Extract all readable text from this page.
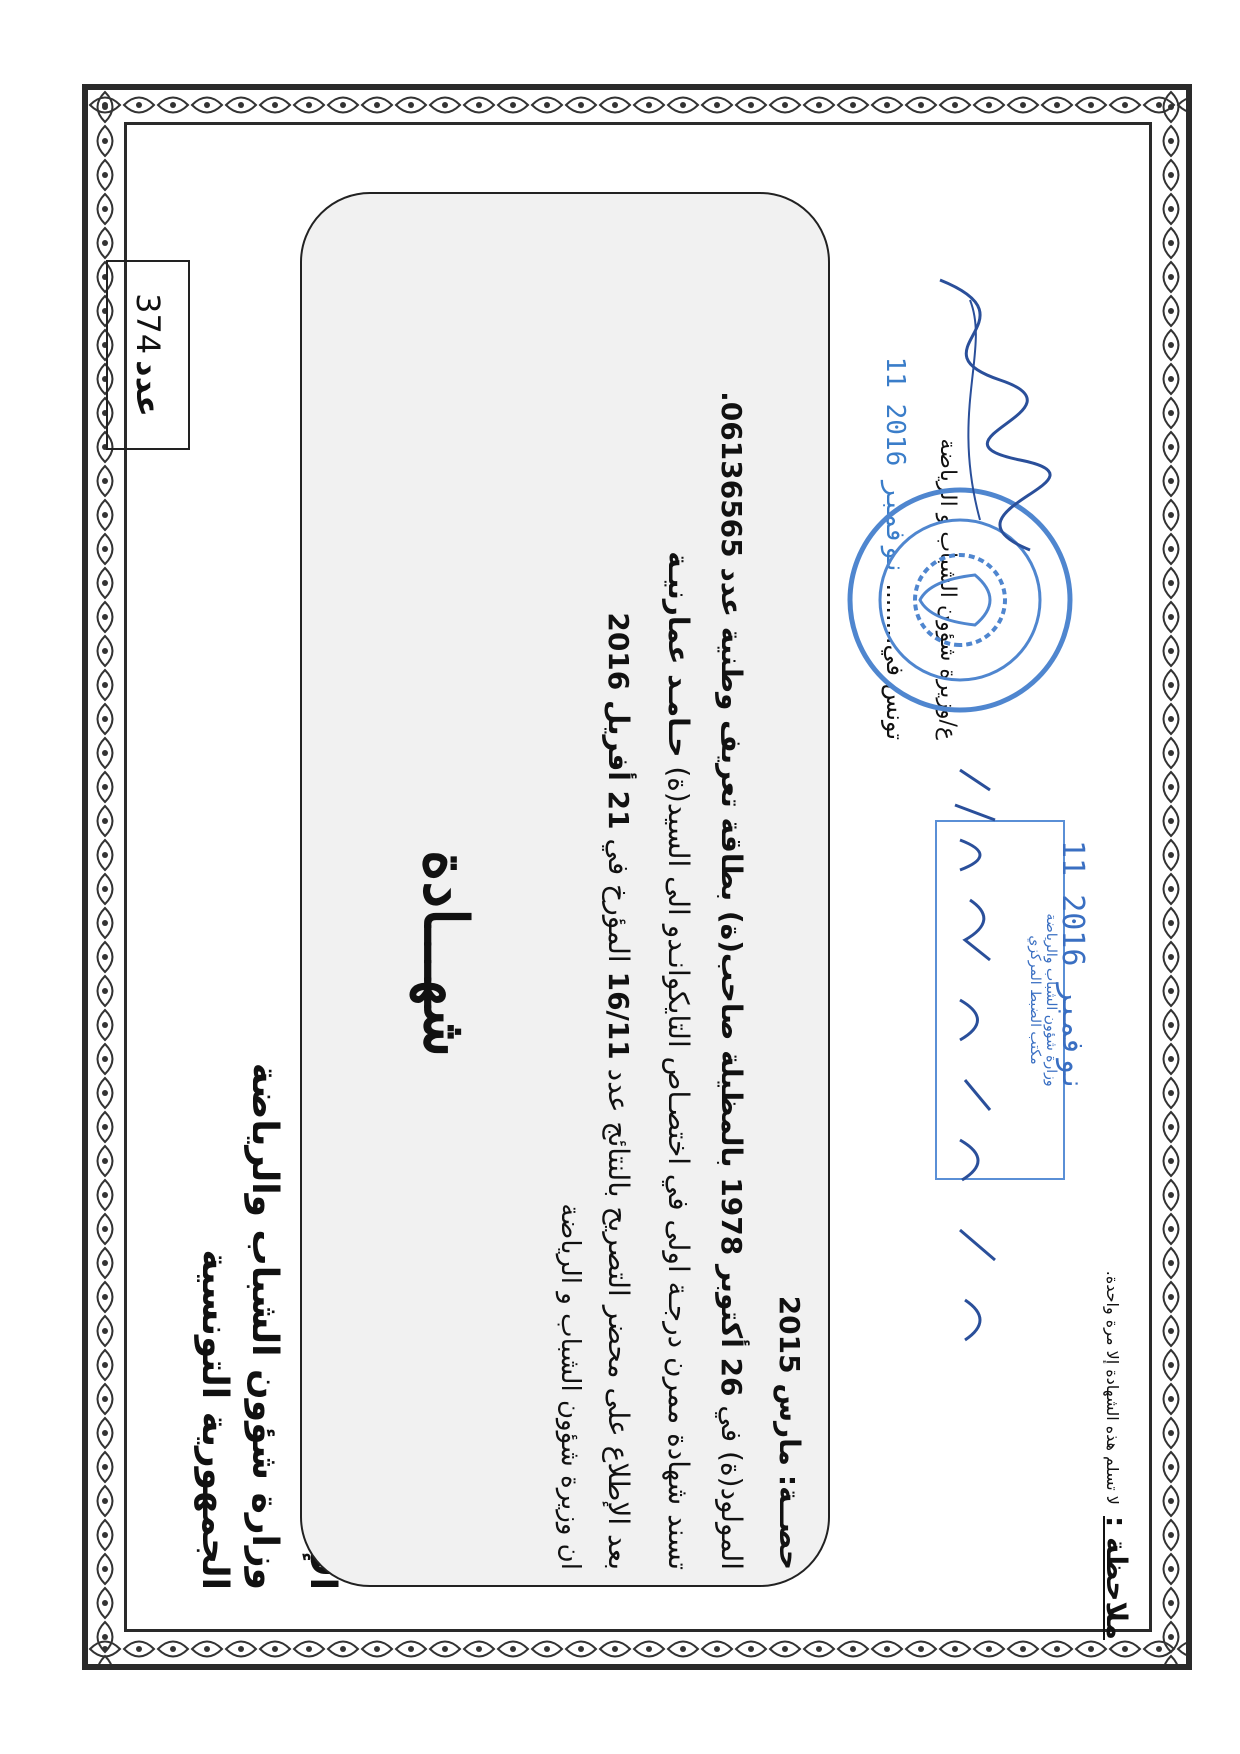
الجمهورية التونسية وزارة شؤون الشباب والرياضة	ملاحظة : لا تسلم هذه الشهادة إلا مرة واحدة.
شهـــادة
ان وزيرة شؤون الشباب و الرياضة بعد الإطلاع على محضر التصريح بالنتائج عدد 16/11 المؤرخ في 21 أفريل 2016 تسند شهادة ممرن درجـة اولى في اختصـاص التايكوانـدو الى السيد(ة) حـامـد عمارنيـة
المولود(ة) في 26 أكتوبر 1978 بالمظيلة صاحب(ة) بطاقة تعريف وطنية عدد 06136565.
حصــة: مارس 2015
عدد
374
تونس في........ 11 نوفمبر 2016 ع/وزيرة شؤون الشباب و الرياضة
وزارة شؤون الشباب والرياضة
مكتب الضبط المركزي
11 نوفمبر 2016
